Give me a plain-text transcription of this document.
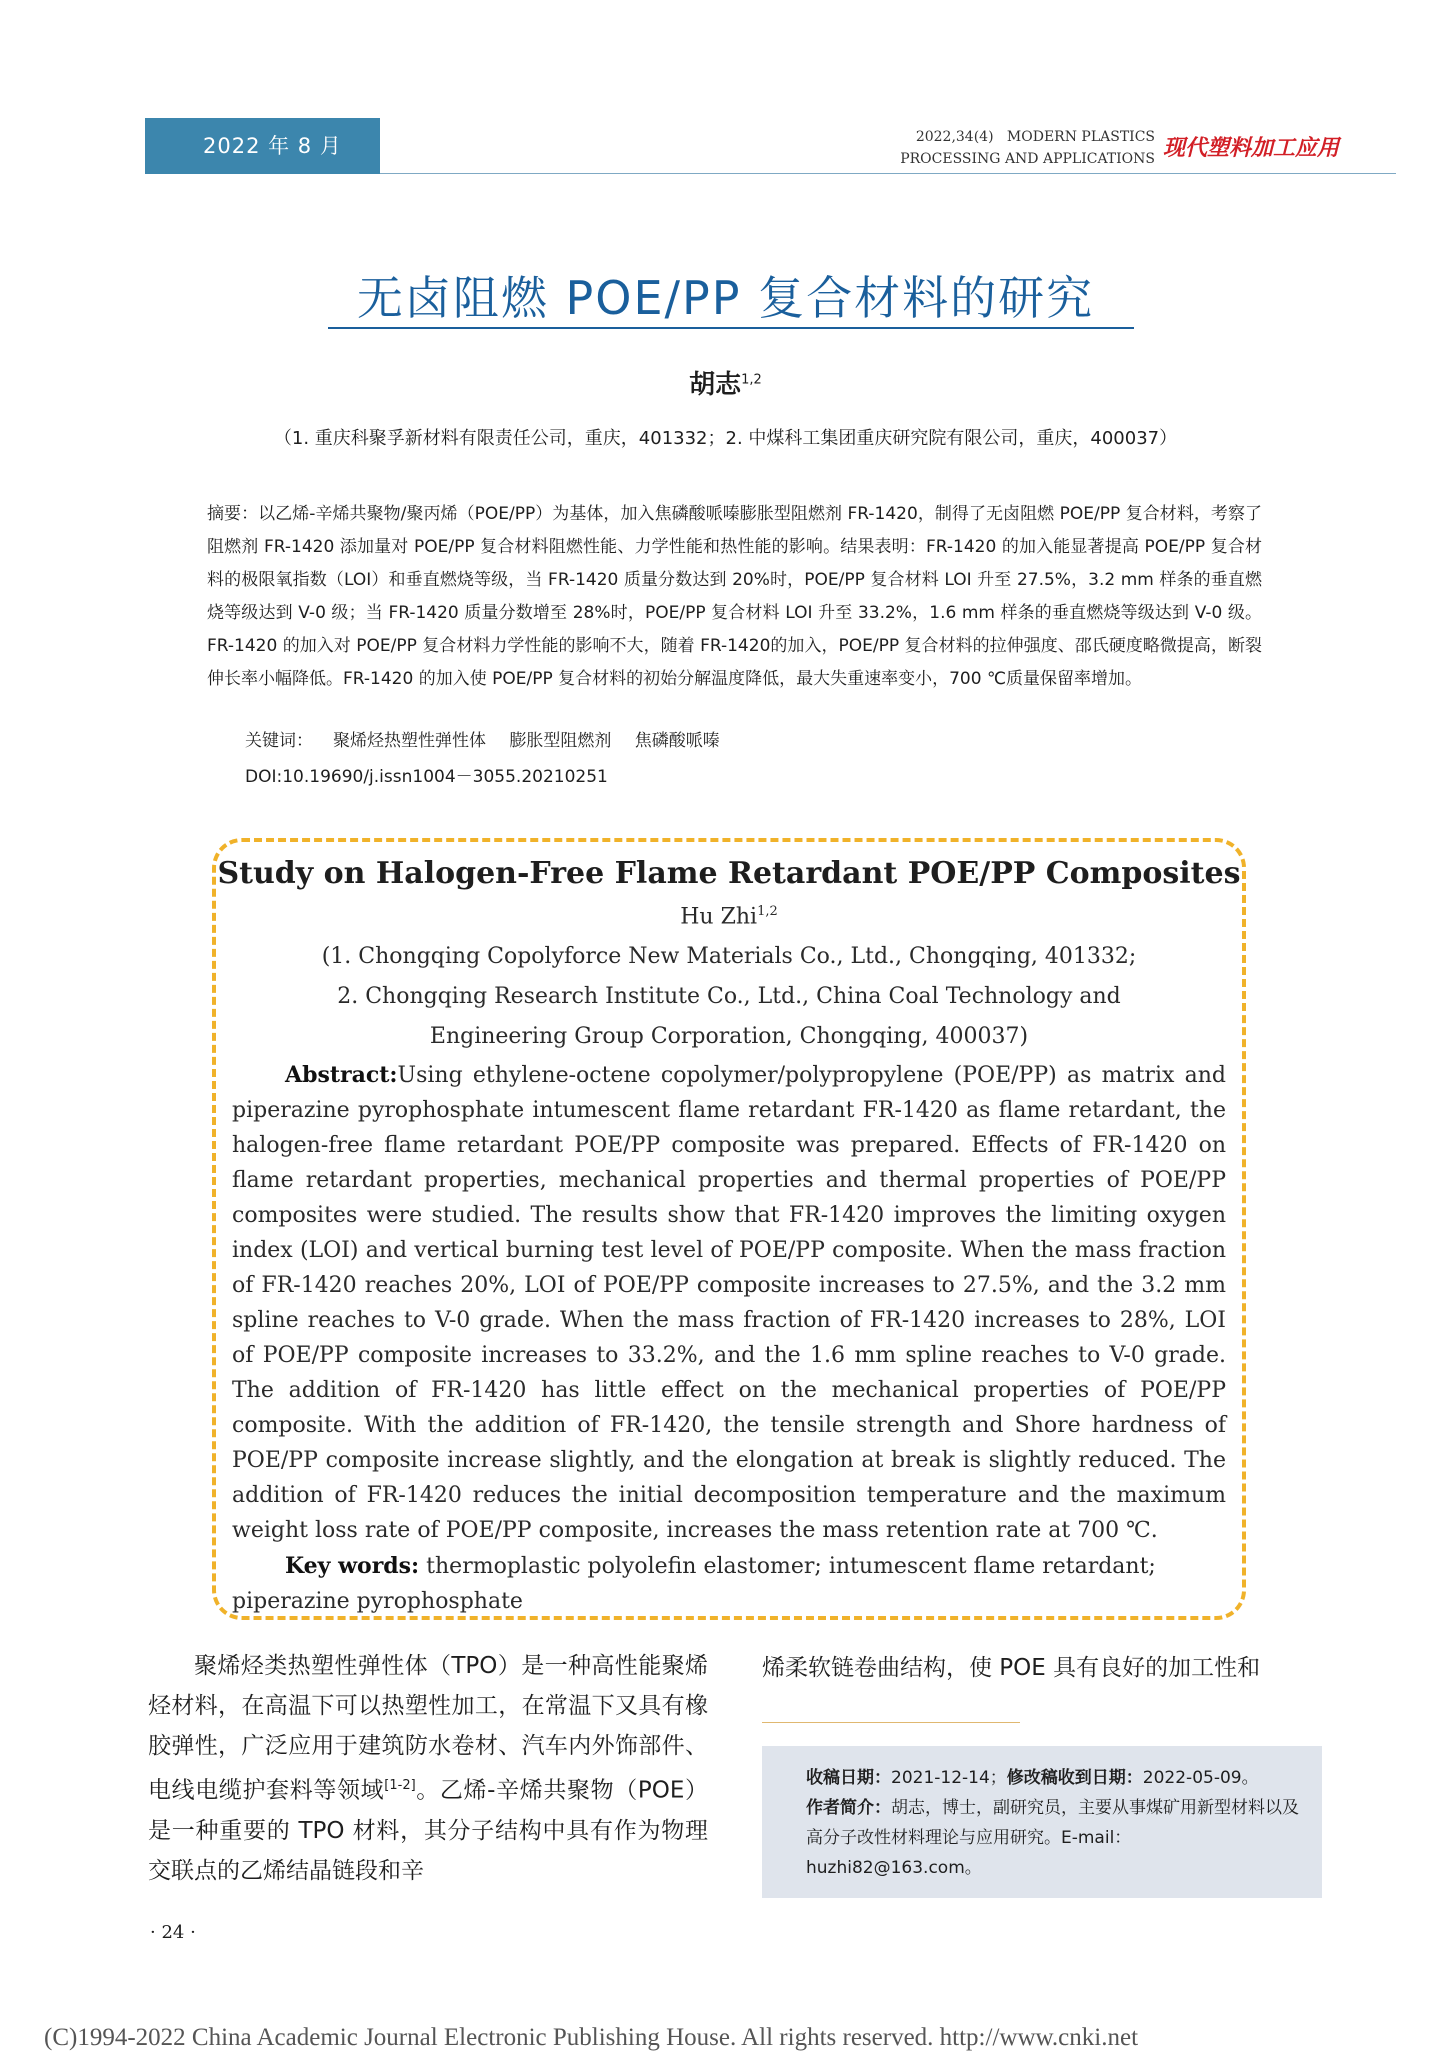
2022 年 8 月	2022,34(4) MODERN PLASTICS
PROCESSING AND APPLICATIONS 现代塑料加工应用
无卤阻燃 POE/PP 复合材料的研究
胡志$^{1,2}$
（1. 重庆科聚孚新材料有限责任公司，重庆，401332；2. 中煤科工集团重庆研究院有限公司，重庆，400037）
摘要：以乙烯-辛烯共聚物/聚丙烯（POE/PP）为基体，加入焦磷酸哌嗪膨胀型阻燃剂 FR-1420，制得了无卤阻燃 POE/PP 复合材料，考察了阻燃剂 FR-1420 添加量对 POE/PP 复合材料阻燃性能、力学性能和热性能的影响。结果表明：FR-1420 的加入能显著提高 POE/PP 复合材料的极限氧指数（LOI）和垂直燃烧等级，当 FR-1420 质量分数达到 20%时，POE/PP 复合材料 LOI 升至 27.5%，3.2 mm 样条的垂直燃烧等级达到 V-0 级；当 FR-1420 质量分数增至 28%时，POE/PP 复合材料 LOI 升至 33.2%，1.6 mm 样条的垂直燃烧等级达到 V-0 级。FR-1420 的加入对 POE/PP 复合材料力学性能的影响不大，随着 FR-1420的加入，POE/PP 复合材料的拉伸强度、邵氏硬度略微提高，断裂伸长率小幅降低。FR-1420 的加入使 POE/PP 复合材料的初始分解温度降低，最大失重速率变小，700 ℃质量保留率增加。
关键词： 聚烯烃热塑性弹性体 膨胀型阻燃剂 焦磷酸哌嗪
DOI:10.19690/j.issn1004－3055.20210251
Study on Halogen-Free Flame Retardant POE/PP Composites
Hu Zhi$^{1,2}$
(1. Chongqing Copolyforce New Materials Co., Ltd., Chongqing, 401332;
2. Chongqing Research Institute Co., Ltd., China Coal Technology and
Engineering Group Corporation, Chongqing, 400037)
Abstract:Using ethylene-octene copolymer/polypropylene (POE/PP) as matrix and piperazine pyrophosphate intumescent flame retardant FR-1420 as flame retardant, the halogen-free flame retardant POE/PP composite was prepared. Effects of FR-1420 on flame retardant properties, mechanical properties and thermal properties of POE/PP composites were studied. The results show that FR-1420 improves the limiting oxygen index (LOI) and vertical burning test level of POE/PP composite. When the mass fraction of FR-1420 reaches 20%, LOI of POE/PP composite increases to 27.5%, and the 3.2 mm spline reaches to V-0 grade. When the mass fraction of FR-1420 increases to 28%, LOI of POE/PP composite increases to 33.2%, and the 1.6 mm spline reaches to V-0 grade. The addition of FR-1420 has little effect on the mechanical properties of POE/PP composite. With the addition of FR-1420, the tensile strength and Shore hardness of POE/PP composite increase slightly, and the elongation at break is slightly reduced. The addition of FR-1420 reduces the initial decomposition temperature and the maximum weight loss rate of POE/PP composite, increases the mass retention rate at 700 ℃.
Key words: thermoplastic polyolefin elastomer; intumescent flame retardant; piperazine pyrophosphate
聚烯烃类热塑性弹性体（TPO）是一种高性能聚烯烃材料，在高温下可以热塑性加工，在常温下又具有橡胶弹性，广泛应用于建筑防水卷材、汽车内外饰部件、电线电缆护套料等领域[1-2]。乙烯-辛烯共聚物（POE）是一种重要的 TPO 材料，其分子结构中具有作为物理交联点的乙烯结晶链段和辛
烯柔软链卷曲结构，使 POE 具有良好的加工性和
收稿日期：2021-12-14；修改稿收到日期：2022-05-09。
作者简介：胡志，博士，副研究员，主要从事煤矿用新型材料以及高分子改性材料理论与应用研究。E-mail：huzhi82@163.com。
· 24 ·
(C)1994-2022 China Academic Journal Electronic Publishing House. All rights reserved. http://www.cnki.net
